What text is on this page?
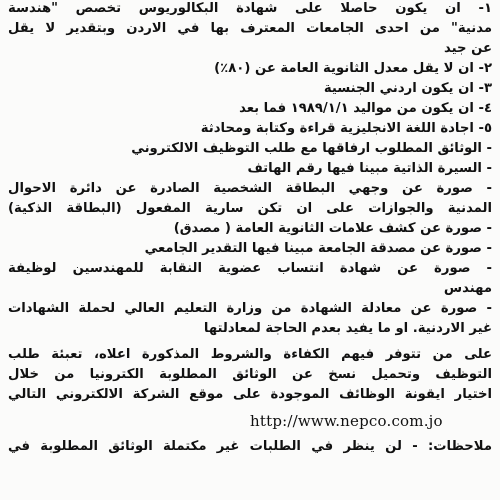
١- ان يكون حاصلا على شهادة البكالوريوس تخصص "هندسة
مدنية" من احدى الجامعات المعترف بها في الاردن وبتقدير لا يقل
عن جيد
٢- ان لا يقل معدل الثانوية العامة عن (٨٠٪)
٣- ان يكون اردني الجنسية
٤- ان يكون من مواليد ١٩٨٩/١/١ فما بعد
٥- اجادة اللغة الانجليزية قراءة وكتابة ومحادثة
- الوثائق المطلوب ارفاقها مع طلب التوظيف الالكتروني
- السيرة الذاتية مبينا فيها رقم الهاتف
- صورة عن وجهي البطاقة الشخصية الصادرة عن دائرة الاحوال
المدنية والجوازات على ان تكن سارية المفعول (البطاقة الذكية)
- صورة عن كشف علامات الثانوية العامة ( مصدق)
- صورة عن مصدقة الجامعة مبينا فيها التقدير الجامعي
- صورة عن شهادة انتساب عضوية النقابة للمهندسين لوظيفة
مهندس
- صورة عن معادلة الشهادة من وزارة التعليم العالي لحملة الشهادات
غير الاردنية. او ما يفيد بعدم الحاجة لمعادلتها
على من تتوفر فيهم الكفاءة والشروط المذكورة اعلاه، تعبئة طلب
التوظيف وتحميل نسخ عن الوثائق المطلوبة الكترونيا من خلال
اختيار ايقونة الوظائف الموجودة على موقع الشركة الالكتروني التالي
http://www.nepco.com.jo
ملاحظات: - لن ينظر في الطلبات غير مكتملة الوثائق المطلوبة في
